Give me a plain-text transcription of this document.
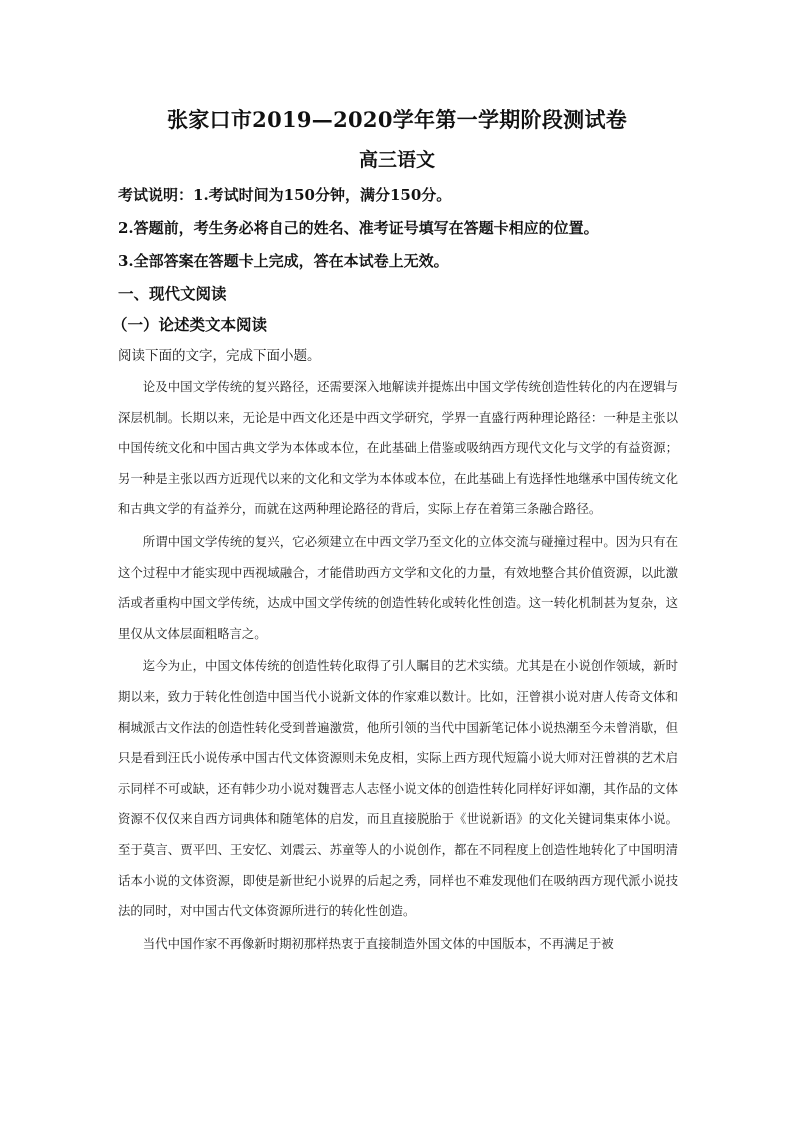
张家口市2019—2020学年第一学期阶段测试卷
高三语文
考试说明：1.考试时间为150分钟，满分150分。
2.答题前，考生务必将自己的姓名、准考证号填写在答题卡相应的位置。
3.全部答案在答题卡上完成，答在本试卷上无效。
一、现代文阅读
（一）论述类文本阅读
阅读下面的文字，完成下面小题。

论及中国文学传统的复兴路径，还需要深入地解读并提炼出中国文学传统创造性转化的内在逻辑与深层机制。长期以来，无论是中西文化还是中西文学研究，学界一直盛行两种理论路径：一种是主张以中国传统文化和中国古典文学为本体或本位，在此基础上借鉴或吸纳西方现代文化与文学的有益资源；另一种是主张以西方近现代以来的文化和文学为本体或本位，在此基础上有选择性地继承中国传统文化和古典文学的有益养分，而就在这两种理论路径的背后，实际上存在着第三条融合路径。

所谓中国文学传统的复兴，它必须建立在中西文学乃至文化的立体交流与碰撞过程中。因为只有在这个过程中才能实现中西视域融合，才能借助西方文学和文化的力量，有效地整合其价值资源，以此激活或者重构中国文学传统，达成中国文学传统的创造性转化或转化性创造。这一转化机制甚为复杂，这里仅从文体层面粗略言之。

迄今为止，中国文体传统的创造性转化取得了引人瞩目的艺术实绩。尤其是在小说创作领域，新时期以来，致力于转化性创造中国当代小说新文体的作家难以数计。比如，汪曾祺小说对唐人传奇文体和桐城派古文作法的创造性转化受到普遍激赏，他所引领的当代中国新笔记体小说热潮至今未曾消歇，但只是看到汪氏小说传承中国古代文体资源则未免皮相，实际上西方现代短篇小说大师对汪曾祺的艺术启示同样不可或缺，还有韩少功小说对魏晋志人志怪小说文体的创造性转化同样好评如潮，其作品的文体资源不仅仅来自西方词典体和随笔体的启发，而且直接脱胎于《世说新语》的文化关键词集束体小说。至于莫言、贾平凹、王安忆、刘震云、苏童等人的小说创作，都在不同程度上创造性地转化了中国明清话本小说的文体资源，即使是新世纪小说界的后起之秀，同样也不难发现他们在吸纳西方现代派小说技法的同时，对中国古代文体资源所进行的转化性创造。

当代中国作家不再像新时期初那样热衷于直接制造外国文体的中国版本，不再满足于被
